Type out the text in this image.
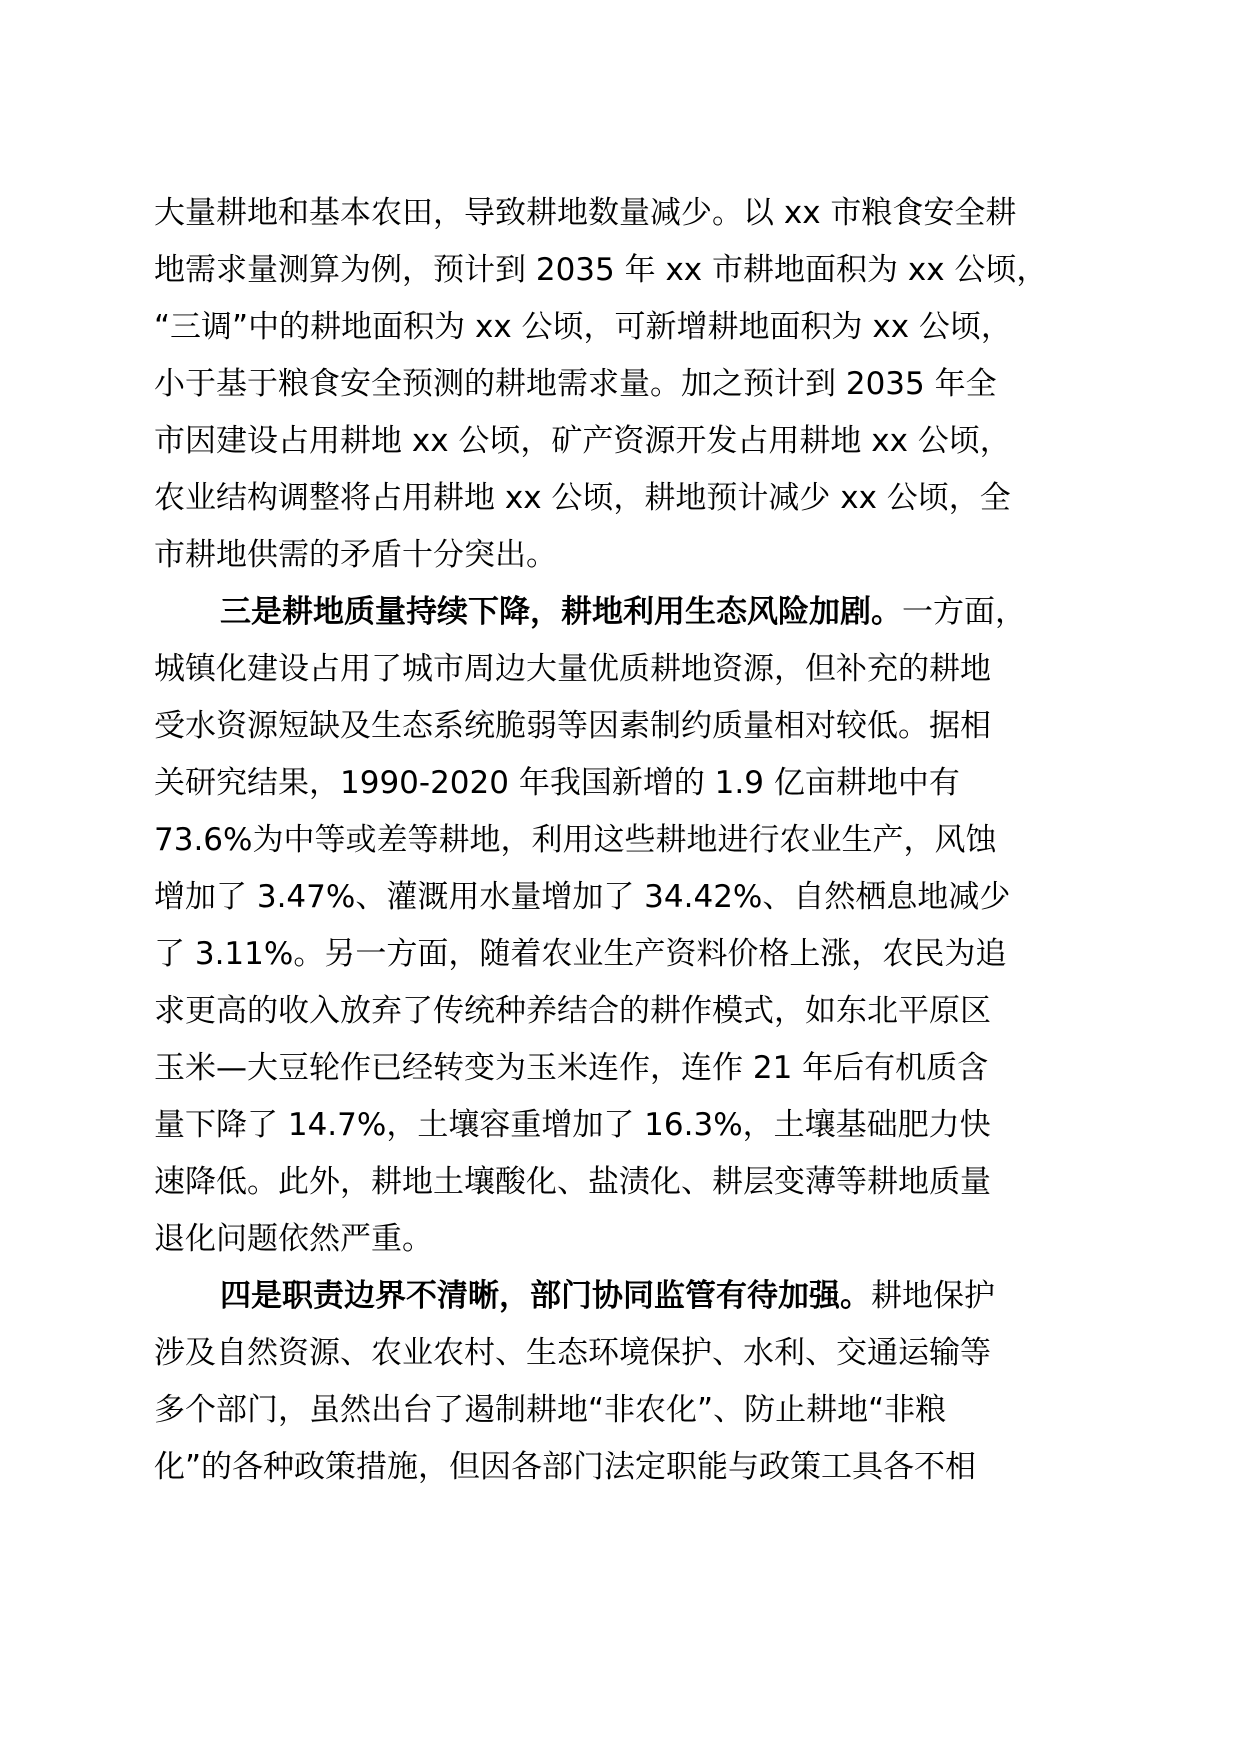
大量耕地和基本农田，导致耕地数量减少。以 xx 市粮食安全耕
地需求量测算为例，预计到 2035 年 xx 市耕地面积为 xx 公顷，
“三调”中的耕地面积为 xx 公顷，可新增耕地面积为 xx 公顷，
小于基于粮食安全预测的耕地需求量。加之预计到 2035 年全
市因建设占用耕地 xx 公顷，矿产资源开发占用耕地 xx 公顷，
农业结构调整将占用耕地 xx 公顷，耕地预计减少 xx 公顷，全
市耕地供需的矛盾十分突出。
三是耕地质量持续下降，耕地利用生态风险加剧。一方面，
城镇化建设占用了城市周边大量优质耕地资源，但补充的耕地
受水资源短缺及生态系统脆弱等因素制约质量相对较低。据相
关研究结果，1990-2020 年我国新增的 1.9 亿亩耕地中有
73.6%为中等或差等耕地，利用这些耕地进行农业生产，风蚀
增加了 3.47%、灌溉用水量增加了 34.42%、自然栖息地减少
了 3.11%。另一方面，随着农业生产资料价格上涨，农民为追
求更高的收入放弃了传统种养结合的耕作模式，如东北平原区
玉米—大豆轮作已经转变为玉米连作，连作 21 年后有机质含
量下降了 14.7%，土壤容重增加了 16.3%，土壤基础肥力快
速降低。此外，耕地土壤酸化、盐渍化、耕层变薄等耕地质量
退化问题依然严重。
四是职责边界不清晰，部门协同监管有待加强。耕地保护
涉及自然资源、农业农村、生态环境保护、水利、交通运输等
多个部门，虽然出台了遏制耕地“非农化”、防止耕地“非粮
化”的各种政策措施，但因各部门法定职能与政策工具各不相
